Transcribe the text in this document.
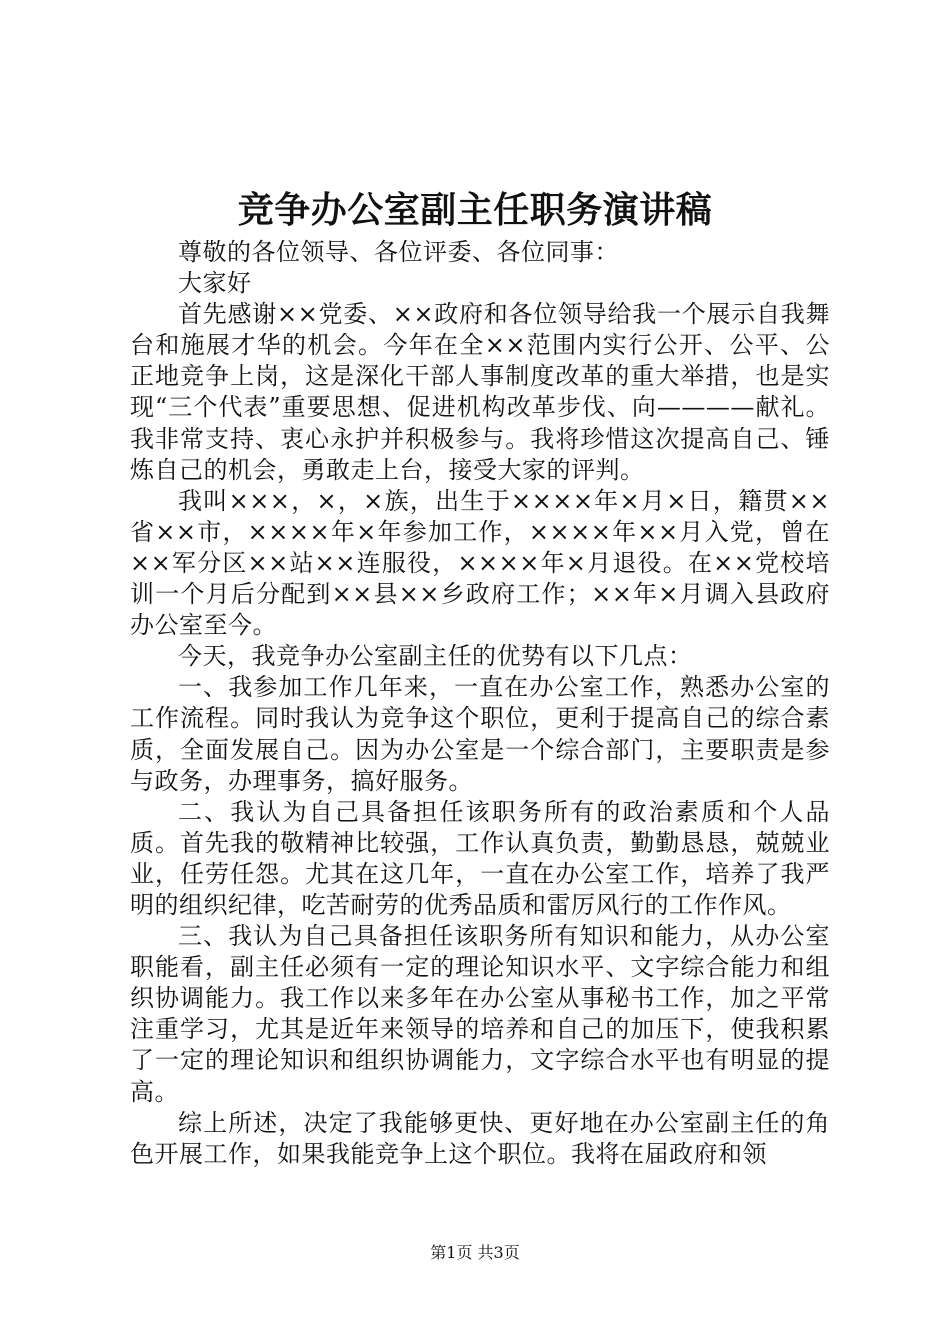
竞争办公室副主任职务演讲稿

尊敬的各位领导、各位评委、各位同事：

大家好

首先感谢××党委、××政府和各位领导给我一个展示自我舞台和施展才华的机会。今年在全××范围内实行公开、公平、公正地竞争上岗，这是深化干部人事制度改革的重大举措，也是实现“三个代表”重要思想、促进机构改革步伐、向————献礼。我非常支持、衷心永护并积极参与。我将珍惜这次提高自己、锤炼自己的机会，勇敢走上台，接受大家的评判。

我叫×××，×，×族，出生于××××年×月×日，籍贯××省××市，××××年×年参加工作，××××年××月入党，曾在××军分区××站××连服役，××××年×月退役。在××党校培训一个月后分配到××县××乡政府工作；××年×月调入县政府办公室至今。

今天，我竞争办公室副主任的优势有以下几点：

一、我参加工作几年来，一直在办公室工作，熟悉办公室的工作流程。同时我认为竞争这个职位，更利于提高自己的综合素质，全面发展自己。因为办公室是一个综合部门，主要职责是参与政务，办理事务，搞好服务。

二、我认为自己具备担任该职务所有的政治素质和个人品质。首先我的敬精神比较强，工作认真负责，勤勤恳恳，兢兢业业，任劳任怨。尤其在这几年，一直在办公室工作，培养了我严明的组织纪律，吃苦耐劳的优秀品质和雷厉风行的工作作风。

三、我认为自己具备担任该职务所有知识和能力，从办公室职能看，副主任必须有一定的理论知识水平、文字综合能力和组织协调能力。我工作以来多年在办公室从事秘书工作，加之平常注重学习，尤其是近年来领导的培养和自己的加压下，使我积累了一定的理论知识和组织协调能力，文字综合水平也有明显的提高。

综上所述，决定了我能够更快、更好地在办公室副主任的角色开展工作，如果我能竞争上这个职位。我将在届政府和领

第1页 共3页
